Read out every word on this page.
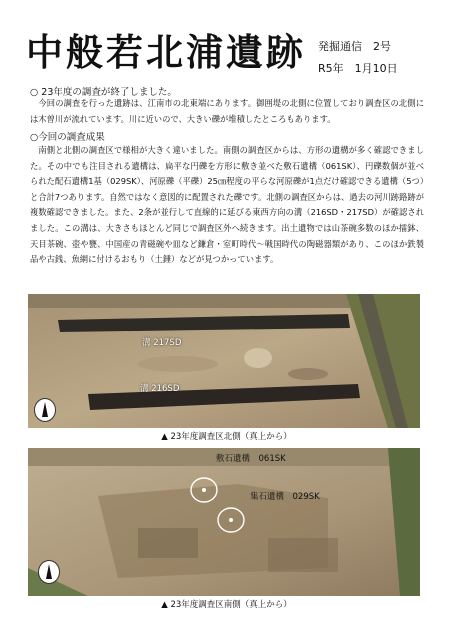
中般若北浦遺跡 発掘通信　2号
R5年　1月10日
○ 23年度の調査が終了しました。

　今回の調査を行った遺跡は、江南市の北東端にあります。御囲堤の北側に位置しており調査区の北側には木曽川が流れています。川に近いので、大きい礫が堆積したところもあります。

○今回の調査成果

　南側と北側の調査区で様相が大きく違いました。南側の調査区からは、方形の遺構が多く確認できました。その中でも注目される遺構は、扁平な円礫を方形に敷き並べた敷石遺構（061SK）、円礫数個が並べられた配石遺構1基（029SK）、河原礫（平礫）25㎝程度の平らな河原礫が1点だけ確認できる遺構（5つ）と合計7つあります。自然ではなく意図的に配置された礫です。北側の調査区からは、過去の河川跡路跡が複数確認できました。また、2条が並行して直線的に延びる東西方向の溝（216SD・217SD）が確認されました。この溝は、大きさもほとんど同じで調査区外へ続きます。出土遺物では山茶碗多数のほか擂鉢、天目茶碗、壺や甕、中国産の青磁碗や皿など鎌倉・室町時代～戦国時代の陶磁器類があり、このほか鉄製品や古銭、魚網に付けるおもり（土錘）などが見つかっています。

溝 217SD
溝 216SD
▲ 23年度調査区北側（真上から）
敷石遺構　061SK
集石遺構　029SK
▲ 23年度調査区南側（真上から）
